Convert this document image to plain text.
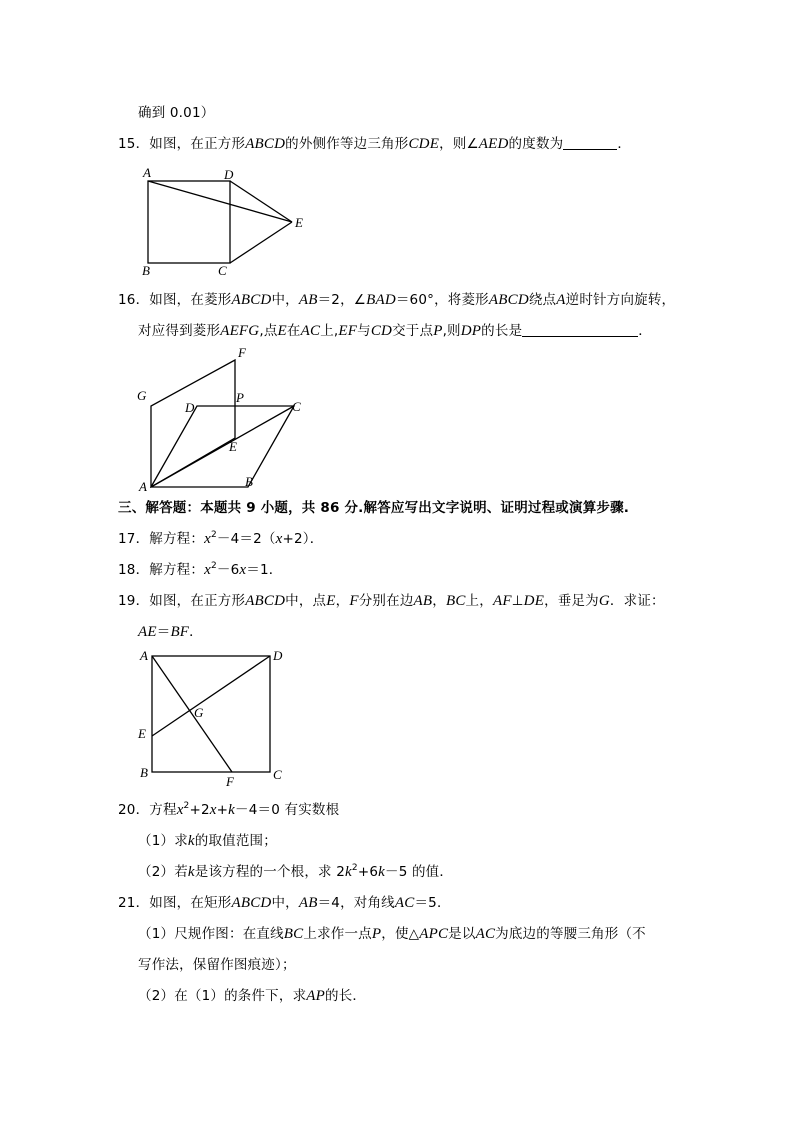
确到 0.01）
15．如图，在正方形ABCD的外侧作等边三角形CDE，则∠AED的度数为	．
A	D
E
B	C
16．如图，在菱形ABCD中，AB＝2，∠BAD＝60°，将菱形ABCD绕点A逆时针方向旋转，
对应得到菱形AEFG,点E在AC上,EF与CD交于点P,则DP的长是	．
F
G
D
P
C
E
A	B
三、解答题：本题共 9 小题，共 86 分.解答应写出文字说明、证明过程或演算步骤.
17．解方程：$x^2-4=2(x+2)$．
18．解方程：$x^2-6x=1$．
19．如图，在正方形ABCD中，点E，F分别在边AB，BC上，AF⊥DE，垂足为G．求证：
AE＝BF．
A	D
G
E
B
F	C
20．方程$x^2+2x+k-4=0$ 有实数根
（1）求k的取值范围；
（2）若k是该方程的一个根，求 $2k^2+6k-5$ 的值．
21．如图，在矩形ABCD中，AB＝4，对角线AC＝5．
（1）尺规作图：在直线BC上求作一点P，使△APC是以AC为底边的等腰三角形（不
写作法，保留作图痕迹）；
（2）在（1）的条件下，求AP的长．
